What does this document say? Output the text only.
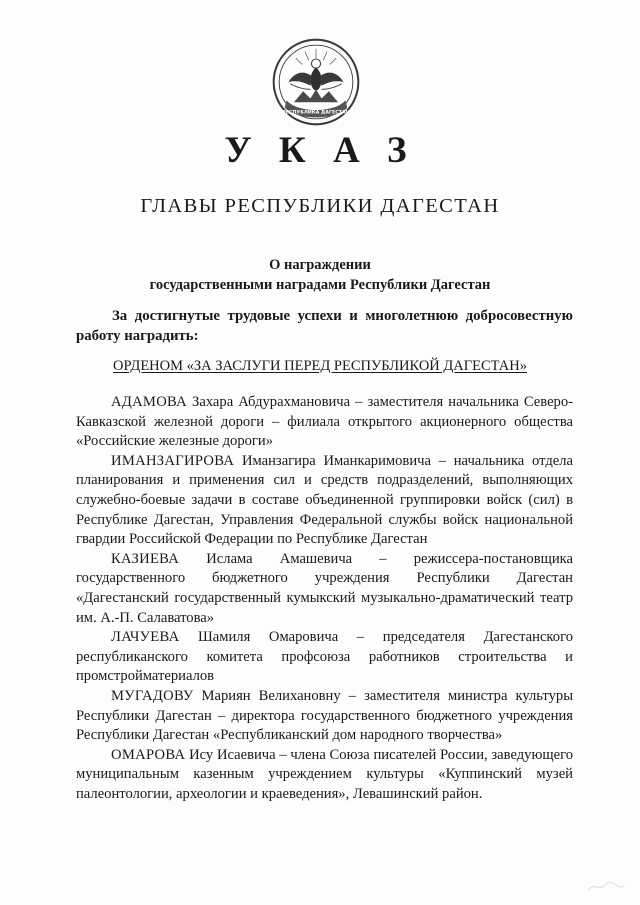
РЕСПУБЛИКА ДАГЕСТАН
У К А З
ГЛАВЫ РЕСПУБЛИКИ ДАГЕСТАН
О награждении
государственными наградами Республики Дагестан
За достигнутые трудовые успехи и многолетнюю добросовестную работу наградить:
ОРДЕНОМ «ЗА ЗАСЛУГИ ПЕРЕД РЕСПУБЛИКОЙ ДАГЕСТАН»

АДАМОВА Захара Абдурахмановича – заместителя начальника Северо-Кавказской железной дороги – филиала открытого акционерного общества «Российские железные дороги»

ИМАНЗАГИРОВА Иманзагира Иманкаримовича – начальника отдела планирования и применения сил и средств подразделений, выполняющих служебно-боевые задачи в составе объединенной группировки войск (сил) в Республике Дагестан, Управления Федеральной службы войск национальной гвардии Российской Федерации по Республике Дагестан

КАЗИЕВА Ислама Амашевича – режиссера-постановщика государственного бюджетного учреждения Республики Дагестан «Дагестанский государственный кумыкский музыкально-драматический театр им. А.-П. Салаватова»

ЛАЧУЕВА Шамиля Омаровича – председателя Дагестанского республиканского комитета профсоюза работников строительства и промстройматериалов

МУГАДОВУ Мариян Велихановну – заместителя министра культуры Республики Дагестан – директора государственного бюджетного учреждения Республики Дагестан «Республиканский дом народного творчества»

ОМАРОВА Ису Исаевича – члена Союза писателей России, заведующего муниципальным казенным учреждением культуры «Куппинский музей палеонтологии, археологии и краеведения», Левашинский район.
